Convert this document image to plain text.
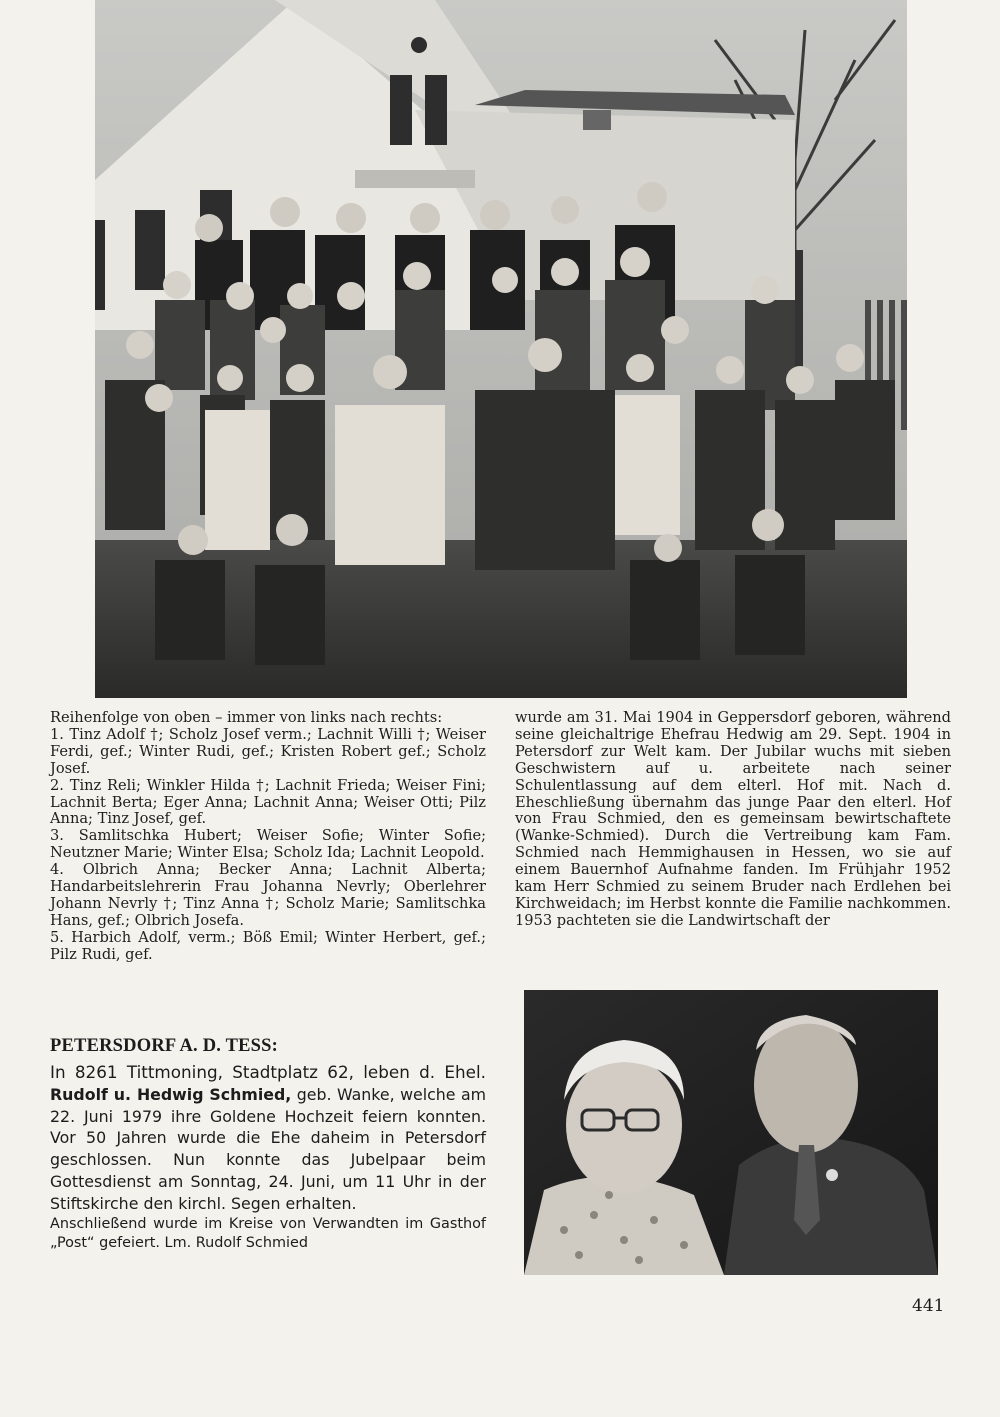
Reihenfolge von oben – immer von links nach rechts:
1. Tinz Adolf †; Scholz Josef verm.; Lachnit Willi †; Weiser Ferdi, gef.; Winter Rudi, gef.; Kristen Robert gef.; Scholz Josef.
2. Tinz Reli; Winkler Hilda †; Lachnit Frieda; Weiser Fini; Lachnit Berta; Eger Anna; Lachnit Anna; Weiser Otti; Pilz Anna; Tinz Josef, gef.
3. Samlitschka Hubert; Weiser Sofie; Winter Sofie; Neutzner Marie; Winter Elsa; Scholz Ida; Lachnit Leopold.
4. Olbrich Anna; Becker Anna; Lachnit Alberta; Handarbeitslehrerin Frau Johanna Nevrly; Oberlehrer Johann Nevrly †; Tinz Anna †; Scholz Marie; Samlitschka Hans, gef.; Olbrich Josefa.
5. Harbich Adolf, verm.; Böß Emil; Winter Herbert, gef.; Pilz Rudi, gef.
wurde am 31. Mai 1904 in Geppersdorf geboren, während seine gleichaltrige Ehefrau Hedwig am 29. Sept. 1904 in Petersdorf zur Welt kam. Der Jubilar wuchs mit sieben Geschwistern auf u. arbeitete nach seiner Schulentlassung auf dem elterl. Hof mit. Nach d. Eheschließung übernahm das junge Paar den elterl. Hof von Frau Schmied, den es gemeinsam bewirtschaftete (Wanke-Schmied). Durch die Vertreibung kam Fam. Schmied nach Hemmighausen in Hessen, wo sie auf einem Bauernhof Aufnahme fanden. Im Frühjahr 1952 kam Herr Schmied zu seinem Bruder nach Erdlehen bei Kirchweidach; im Herbst konnte die Familie nachkommen. 1953 pachteten sie die Landwirtschaft der
PETERSDORF A. D. TESS:
In 8261 Tittmoning, Stadtplatz 62, leben d. Ehel. Rudolf u. Hedwig Schmied, geb. Wanke, welche am 22. Juni 1979 ihre Goldene Hochzeit feiern konnten. Vor 50 Jahren wurde die Ehe daheim in Petersdorf geschlossen. Nun konnte das Jubelpaar beim Gottesdienst am Sonntag, 24. Juni, um 11 Uhr in der Stiftskirche den kirchl. Segen erhalten.
Anschließend wurde im Kreise von Verwandten im Gasthof „Post“ gefeiert. Lm. Rudolf Schmied
441
